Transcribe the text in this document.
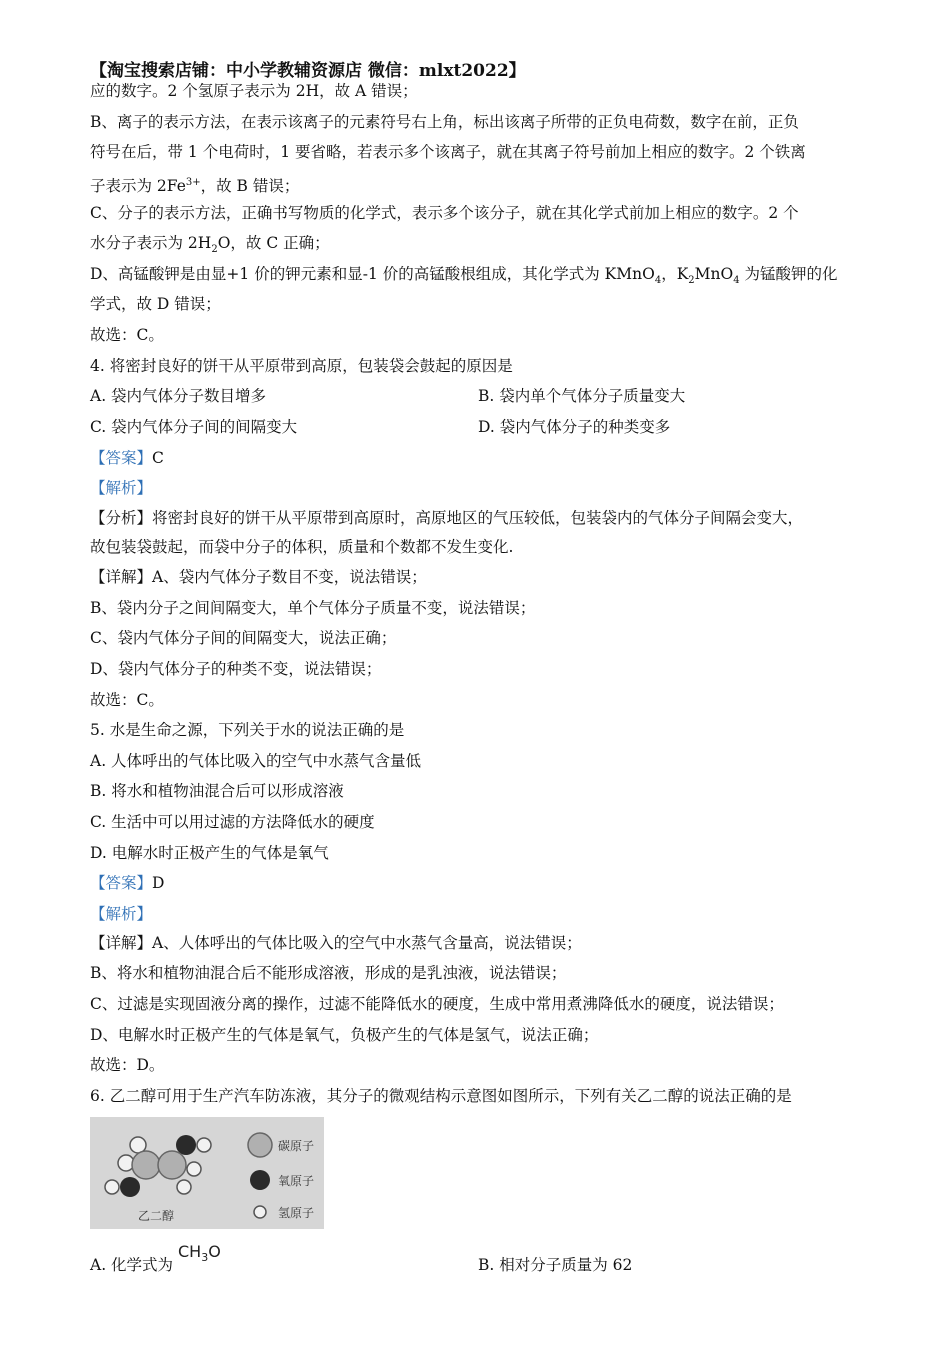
【淘宝搜索店铺：中小学教辅资源店 微信：mlxt2022】
应的数字。2 个氢原子表示为 2H，故 A 错误；
B、离子的表示方法，在表示该离子的元素符号右上角，标出该离子所带的正负电荷数，数字在前，正负
符号在后，带 1 个电荷时，1 要省略，若表示多个该离子，就在其离子符号前加上相应的数字。2 个铁离
子表示为 $2Fe^{3+}$，故 B 错误；
C、分子的表示方法，正确书写物质的化学式，表示多个该分子，就在其化学式前加上相应的数字。2 个
水分子表示为 $2H_2O$，故 C 正确；
D、高锰酸钾是由显+1 价的钾元素和显-1 价的高锰酸根组成，其化学式为 KMnO$_4$，$K_2MnO_4$ 为锰酸钾的化
学式，故 D 错误；
故选：C。
4. 将密封良好的饼干从平原带到高原，包装袋会鼓起的原因是
A. 袋内气体分子数目增多	B. 袋内单个气体分子质量变大
C. 袋内气体分子间的间隔变大	D. 袋内气体分子的种类变多
【答案】C
【解析】
【分析】将密封良好的饼干从平原带到高原时，高原地区的气压较低，包装袋内的气体分子间隔会变大，
故包装袋鼓起，而袋中分子的体积，质量和个数都不发生变化.
【详解】A、袋内气体分子数目不变，说法错误；
B、袋内分子之间间隔变大，单个气体分子质量不变，说法错误；
C、袋内气体分子间的间隔变大，说法正确；
D、袋内气体分子的种类不变，说法错误；
故选：C。
5. 水是生命之源，下列关于水的说法正确的是
A. 人体呼出的气体比吸入的空气中水蒸气含量低
B. 将水和植物油混合后可以形成溶液
C. 生活中可以用过滤的方法降低水的硬度
D. 电解水时正极产生的气体是氧气
【答案】D
【解析】
【详解】A、人体呼出的气体比吸入的空气中水蒸气含量高，说法错误；
B、将水和植物油混合后不能形成溶液，形成的是乳浊液，说法错误；
C、过滤是实现固液分离的操作，过滤不能降低水的硬度，生成中常用煮沸降低水的硬度，说法错误；
D、电解水时正极产生的气体是氧气，负极产生的气体是氢气，说法正确；
故选：D。
6. 乙二醇可用于生产汽车防冻液，其分子的微观结构示意图如图所示，下列有关乙二醇的说法正确的是
乙二醇
碳原子
氧原子
氢原子
A. 化学式为
$CH_3O$
B. 相对分子质量为 62
